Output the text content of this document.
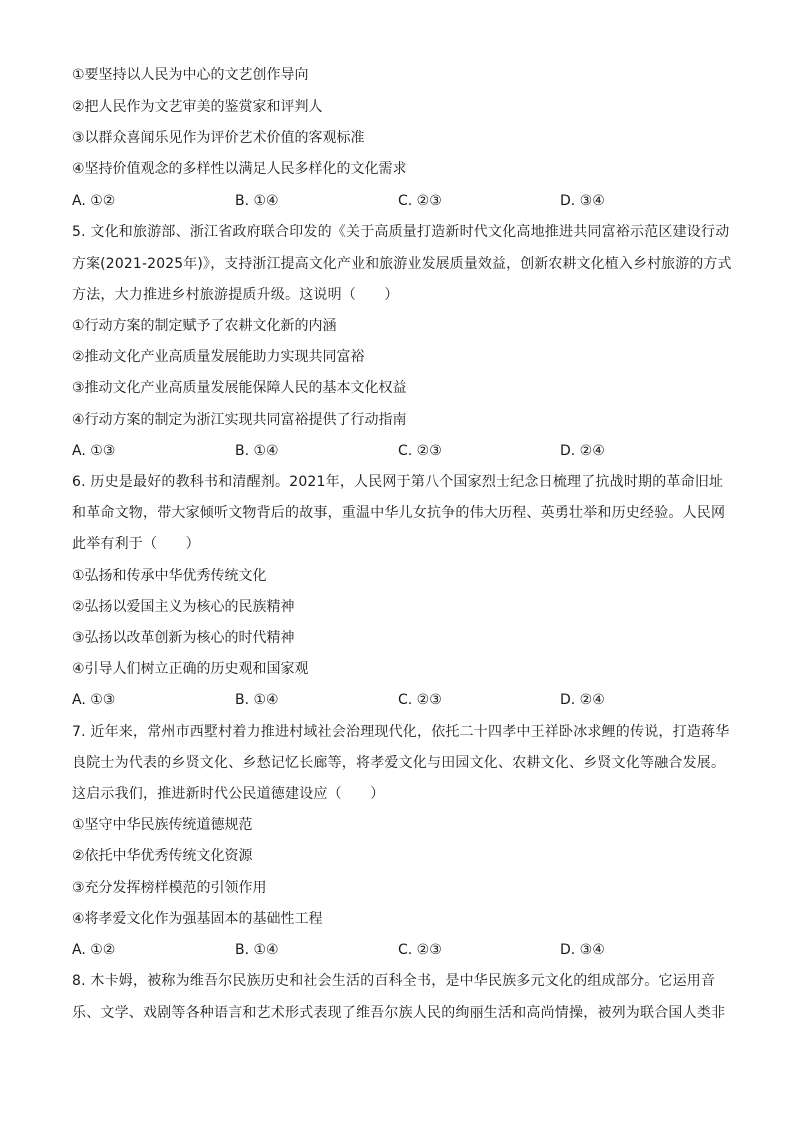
①要坚持以人民为中心的文艺创作导向
②把人民作为文艺审美的鉴赏家和评判人
③以群众喜闻乐见作为评价艺术价值的客观标准
④坚持价值观念的多样性以满足人民多样化的文化需求
A. ①②	B. ①④	C. ②③	D. ③④
5. 文化和旅游部、浙江省政府联合印发的《关于高质量打造新时代文化高地推进共同富裕示范区建设行动
方案(2021-2025年)》，支持浙江提高文化产业和旅游业发展质量效益，创新农耕文化植入乡村旅游的方式
方法，大力推进乡村旅游提质升级。这说明（　　）
①行动方案的制定赋予了农耕文化新的内涵
②推动文化产业高质量发展能助力实现共同富裕
③推动文化产业高质量发展能保障人民的基本文化权益
④行动方案的制定为浙江实现共同富裕提供了行动指南
A. ①③	B. ①④	C. ②③	D. ②④
6. 历史是最好的教科书和清醒剂。2021年，人民网于第八个国家烈士纪念日梳理了抗战时期的革命旧址
和革命文物，带大家倾听文物背后的故事，重温中华儿女抗争的伟大历程、英勇壮举和历史经验。人民网
此举有利于（　　）
①弘扬和传承中华优秀传统文化
②弘扬以爱国主义为核心的民族精神
③弘扬以改革创新为核心的时代精神
④引导人们树立正确的历史观和国家观
A. ①③	B. ①④	C. ②③	D. ②④
7. 近年来，常州市西墅村着力推进村域社会治理现代化，依托二十四孝中王祥卧冰求鲤的传说，打造蒋华
良院士为代表的乡贤文化、乡愁记忆长廊等，将孝爱文化与田园文化、农耕文化、乡贤文化等融合发展。
这启示我们，推进新时代公民道德建设应（　　）
①坚守中华民族传统道德规范
②依托中华优秀传统文化资源
③充分发挥榜样模范的引领作用
④将孝爱文化作为强基固本的基础性工程
A. ①②	B. ①④	C. ②③	D. ③④
8. 木卡姆，被称为维吾尔民族历史和社会生活的百科全书，是中华民族多元文化的组成部分。它运用音
乐、文学、戏剧等各种语言和艺术形式表现了维吾尔族人民的绚丽生活和高尚情操，被列为联合国人类非
